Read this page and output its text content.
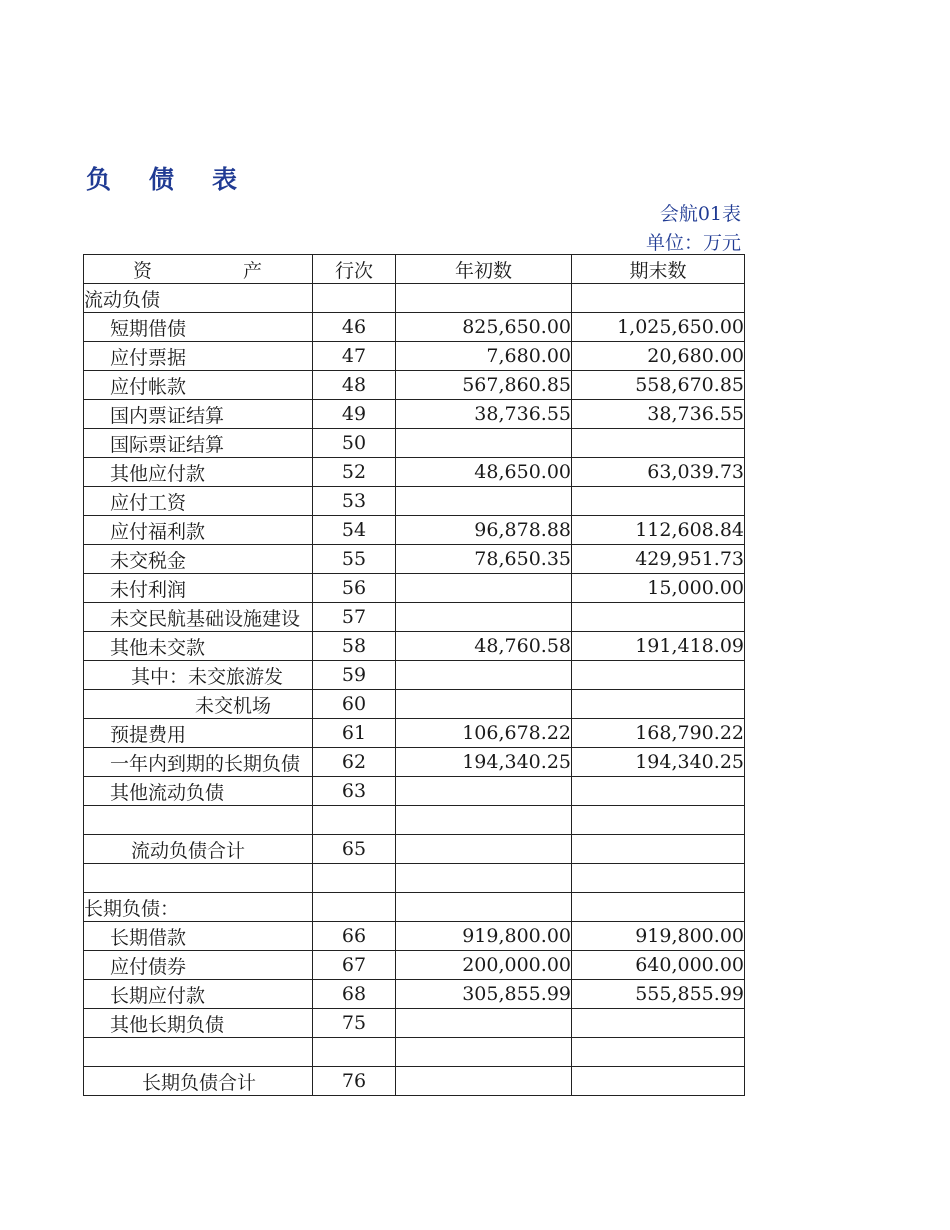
负 债 表
会航01表
单位：万元
资 产	行次	年初数	期末数
流动负债			
短期借债	46	825,650.00	1,025,650.00
应付票据	47	7,680.00	20,680.00
应付帐款	48	567,860.85	558,670.85
国内票证结算	49	38,736.55	38,736.55
国际票证结算	50		
其他应付款	52	48,650.00	63,039.73
应付工资	53		
应付福利款	54	96,878.88	112,608.84
未交税金	55	78,650.35	429,951.73
未付利润	56		15,000.00
未交民航基础设施建设	57		
其他未交款	58	48,760.58	191,418.09
其中：未交旅游发	59		
未交机场	60		
预提费用	61	106,678.22	168,790.22
一年内到期的长期负债	62	194,340.25	194,340.25
其他流动负债	63		

流动负债合计	65		

长期负债：			
长期借款	66	919,800.00	919,800.00
应付债券	67	200,000.00	640,000.00
长期应付款	68	305,855.99	555,855.99
其他长期负债	75		

长期负债合计	76		
